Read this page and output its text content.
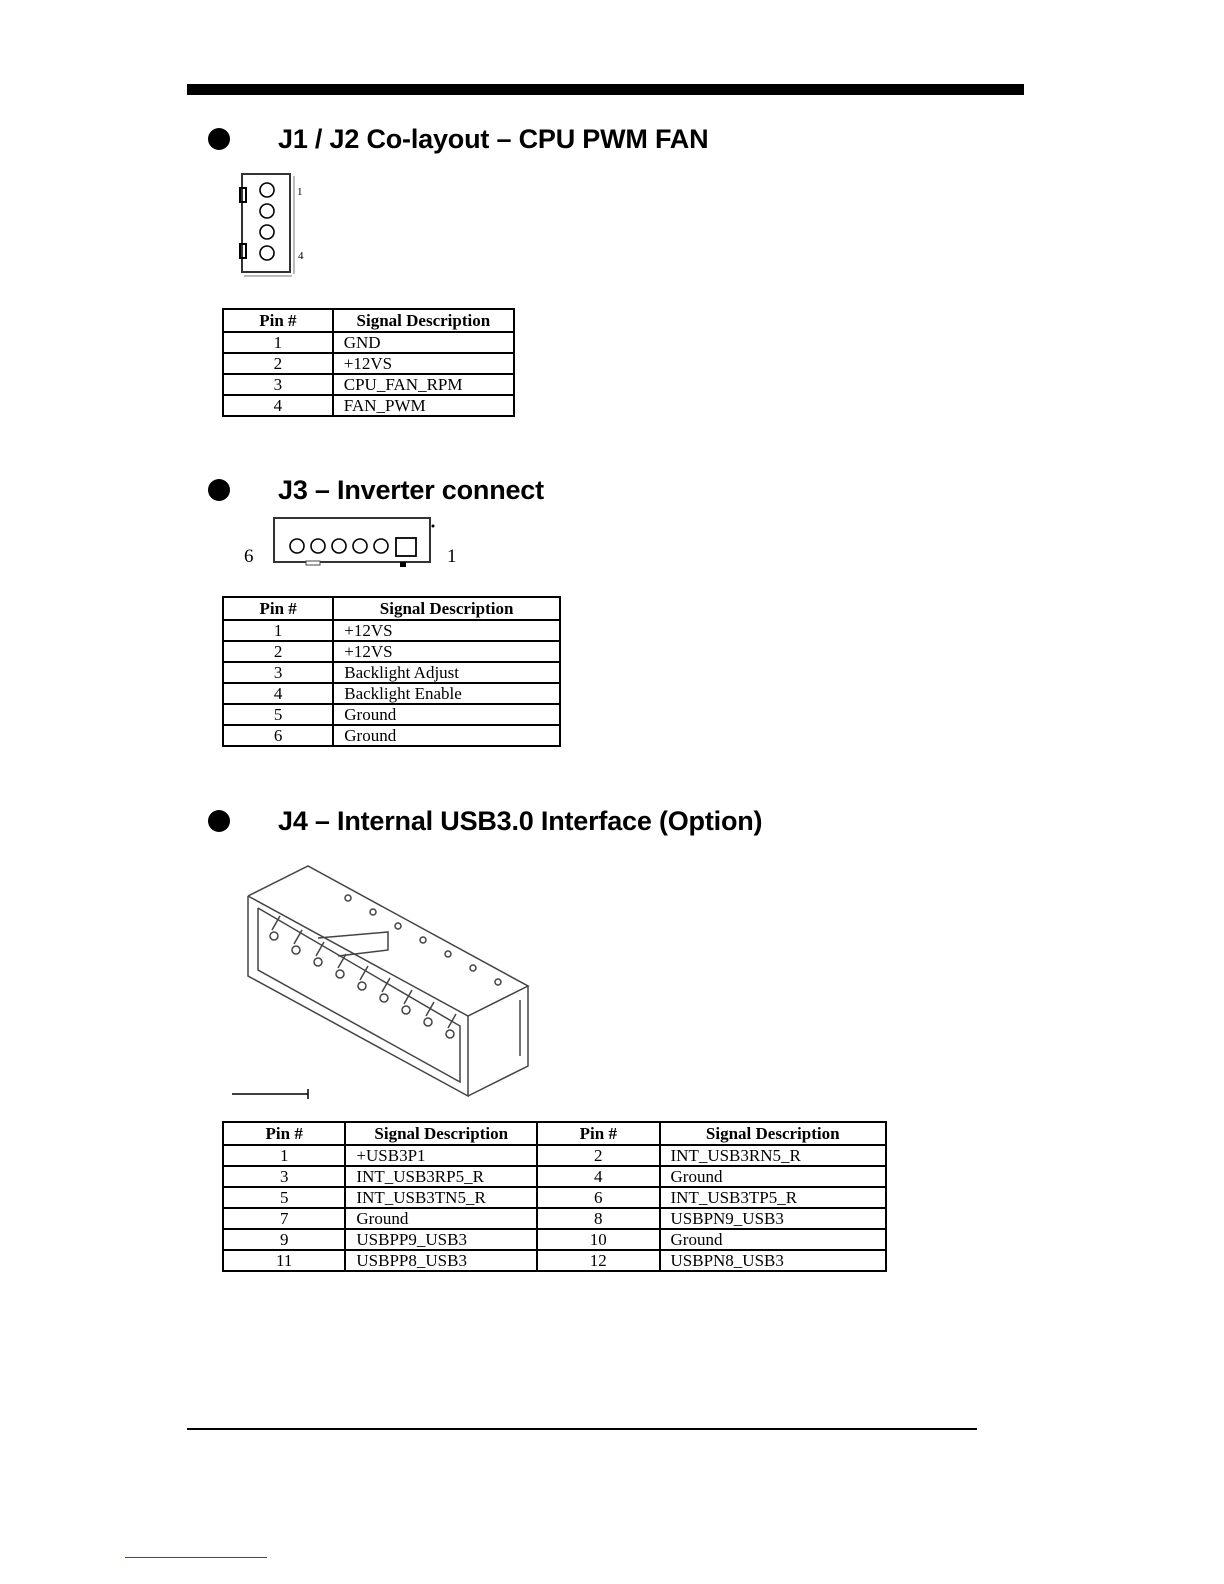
J1 / J2 Co-layout – CPU PWM FAN
1
4
Pin #	Signal Description
1	GND
2	+12VS
3	CPU_FAN_RPM
4	FAN_PWM
J3 – Inverter connect
6	1
Pin #	Signal Description
1	+12VS
2	+12VS
3	Backlight Adjust
4	Backlight Enable
5	Ground
6	Ground
J4 – Internal USB3.0 Interface (Option)
Pin #	Signal Description	Pin #	Signal Description
1	+USB3P1	2	INT_USB3RN5_R
3	INT_USB3RP5_R	4	Ground
5	INT_USB3TN5_R	6	INT_USB3TP5_R
7	Ground	8	USBPN9_USB3
9	USBPP9_USB3	10	Ground
11	USBPP8_USB3	12	USBPN8_USB3
